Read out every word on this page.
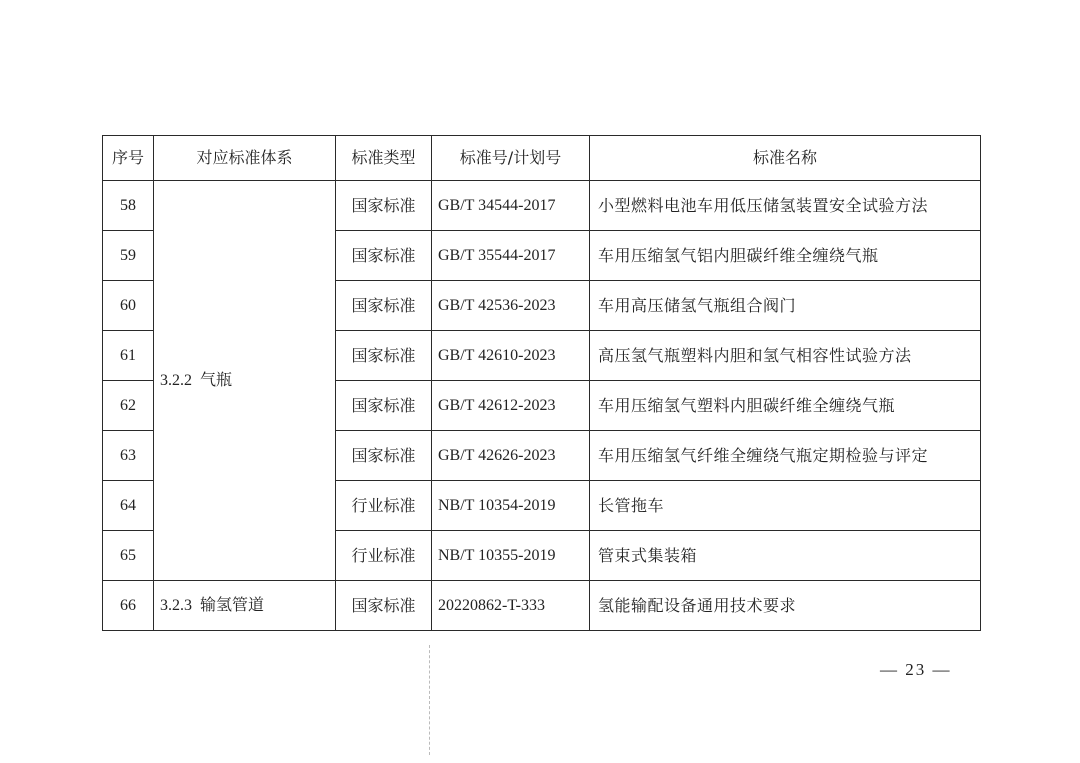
序号	对应标准体系	标准类型	标准号/计划号	标准名称
58	3.2.2 气瓶	国家标准	GB/T 34544-2017	小型燃料电池车用低压储氢装置安全试验方法
59		国家标准	GB/T 35544-2017	车用压缩氢气铝内胆碳纤维全缠绕气瓶
60		国家标准	GB/T 42536-2023	车用高压储氢气瓶组合阀门
61		国家标准	GB/T 42610-2023	高压氢气瓶塑料内胆和氢气相容性试验方法
62		国家标准	GB/T 42612-2023	车用压缩氢气塑料内胆碳纤维全缠绕气瓶
63		国家标准	GB/T 42626-2023	车用压缩氢气纤维全缠绕气瓶定期检验与评定
64		行业标准	NB/T 10354-2019	长管拖车
65		行业标准	NB/T 10355-2019	管束式集装箱
66	3.2.3 输氢管道	国家标准	20220862-T-333	氢能输配设备通用技术要求
— 23 —
